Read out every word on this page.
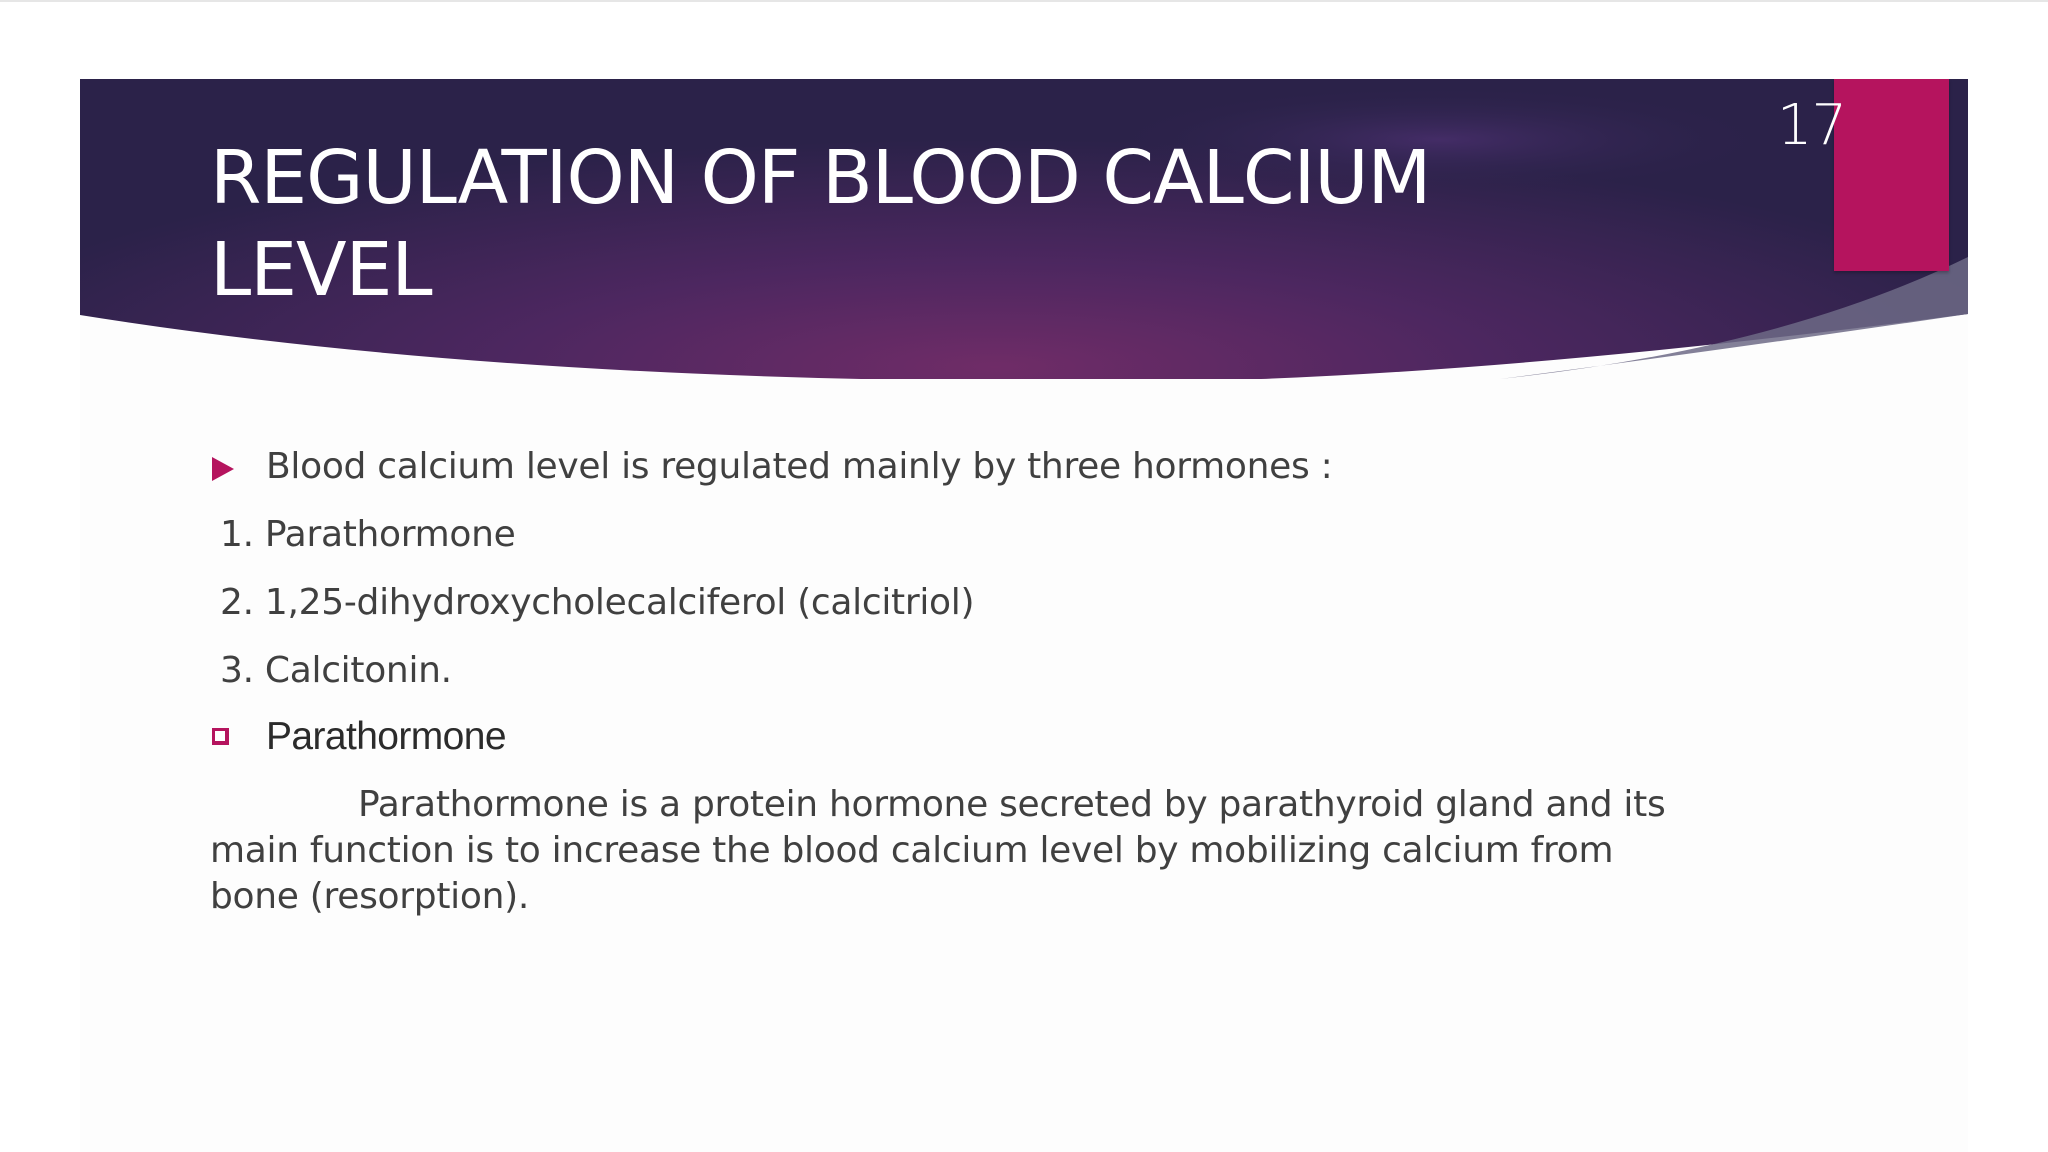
17
REGULATION OF BLOOD CALCIUM
LEVEL
Blood calcium level is regulated mainly by three hormones :
1. Parathormone
2. 1,25-dihydroxycholecalciferol (calcitriol)
3. Calcitonin.
Parathormone

Parathormone is a protein hormone secreted by parathyroid gland and its main function is to increase the blood calcium level by mobilizing calcium from bone (resorption).
